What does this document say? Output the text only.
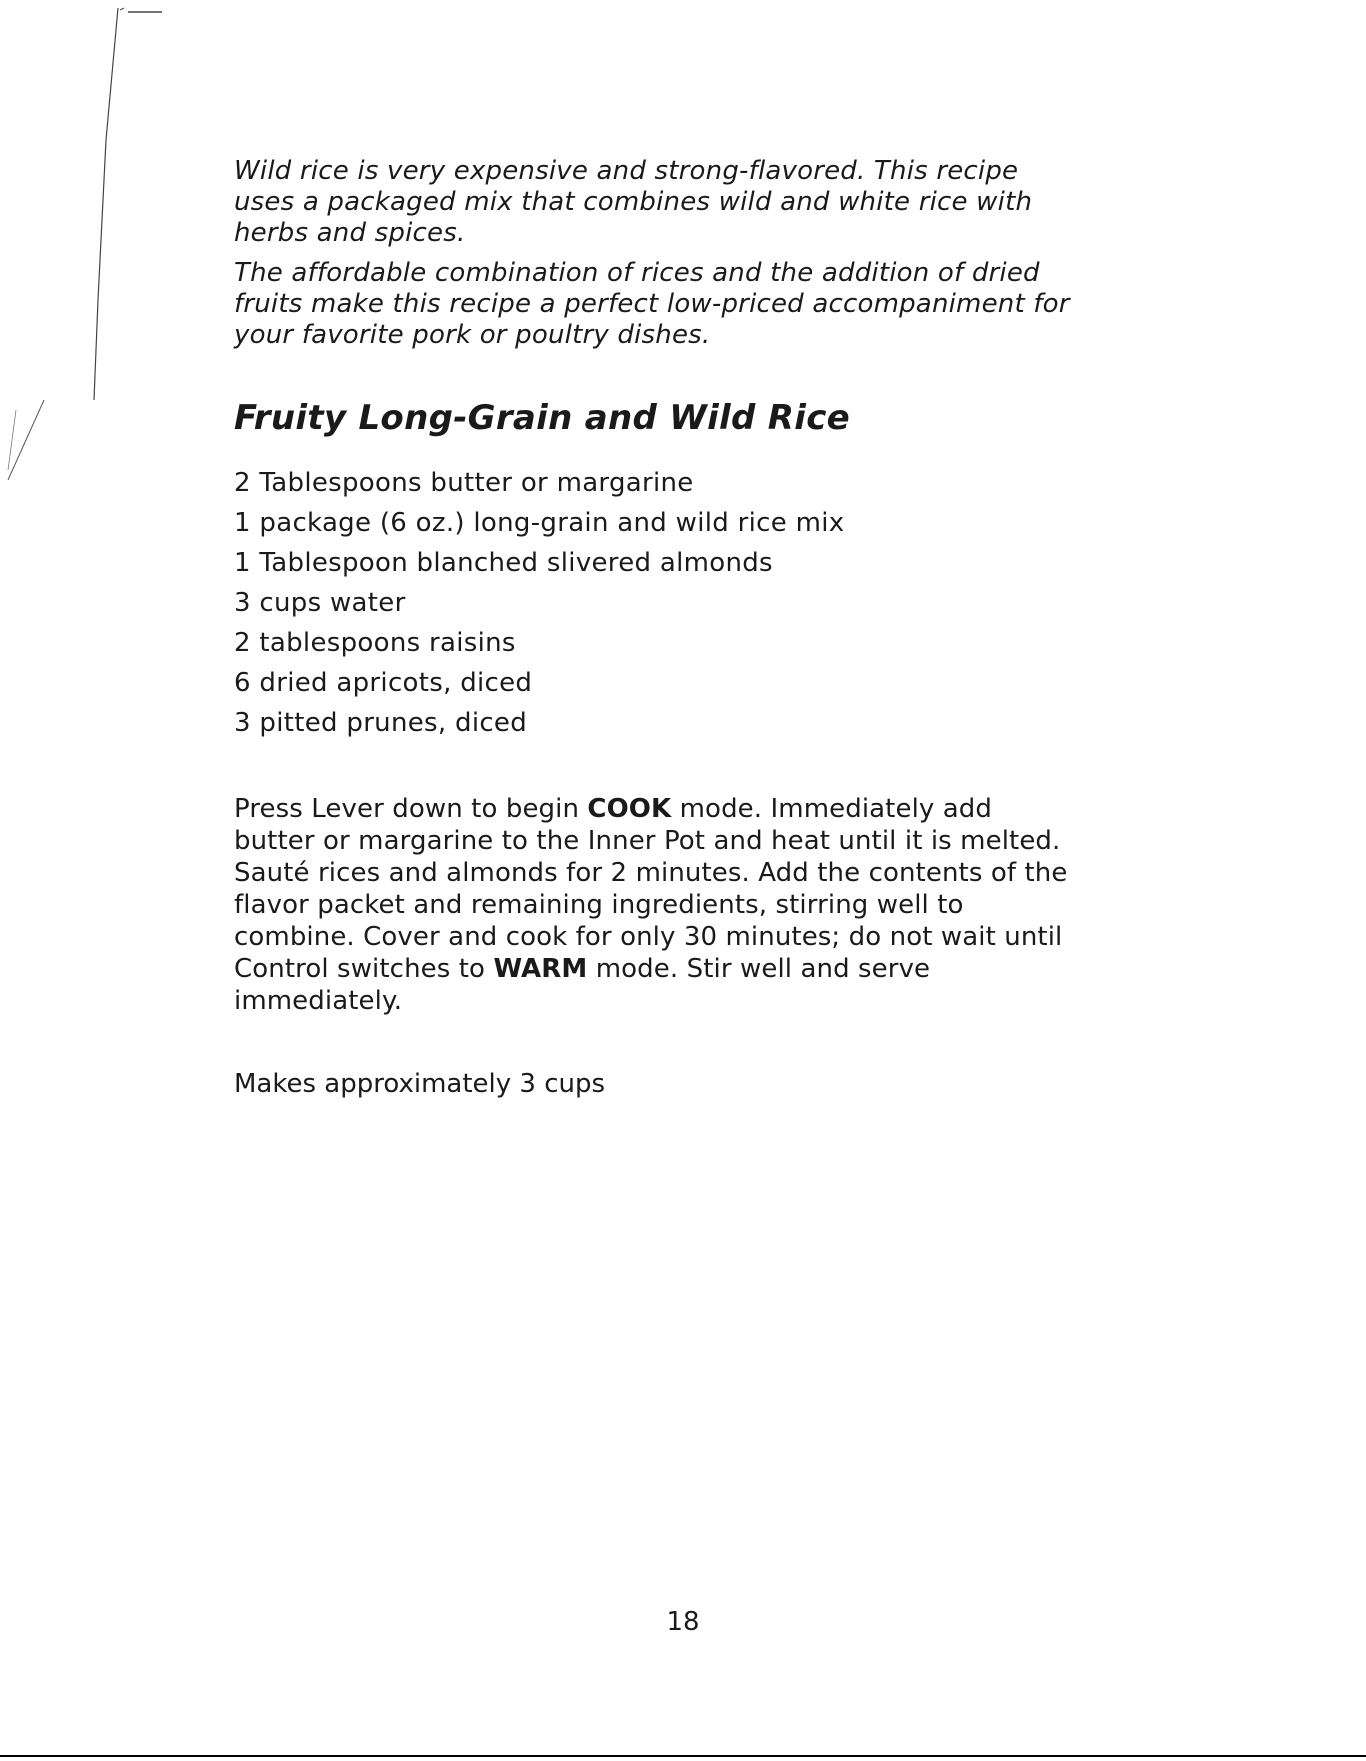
Wild rice is very expensive and strong-flavored. This recipe uses a packaged mix that combines wild and white rice with herbs and spices.

The affordable combination of rices and the addition of dried fruits make this recipe a perfect low-priced accompaniment for your favorite pork or poultry dishes.

Fruity Long-Grain and Wild Rice
2 Tablespoons butter or margarine
1 package (6 oz.) long-grain and wild rice mix
1 Tablespoon blanched slivered almonds
3 cups water
2 tablespoons raisins
6 dried apricots, diced
3 pitted prunes, diced

Press Lever down to begin COOK mode. Immediately add butter or margarine to the Inner Pot and heat until it is melted. Sauté rices and almonds for 2 minutes. Add the contents of the flavor packet and remaining ingredients, stirring well to combine. Cover and cook for only 30 minutes; do not wait until Control switches to WARM mode. Stir well and serve immediately.

Makes approximately 3 cups

18
